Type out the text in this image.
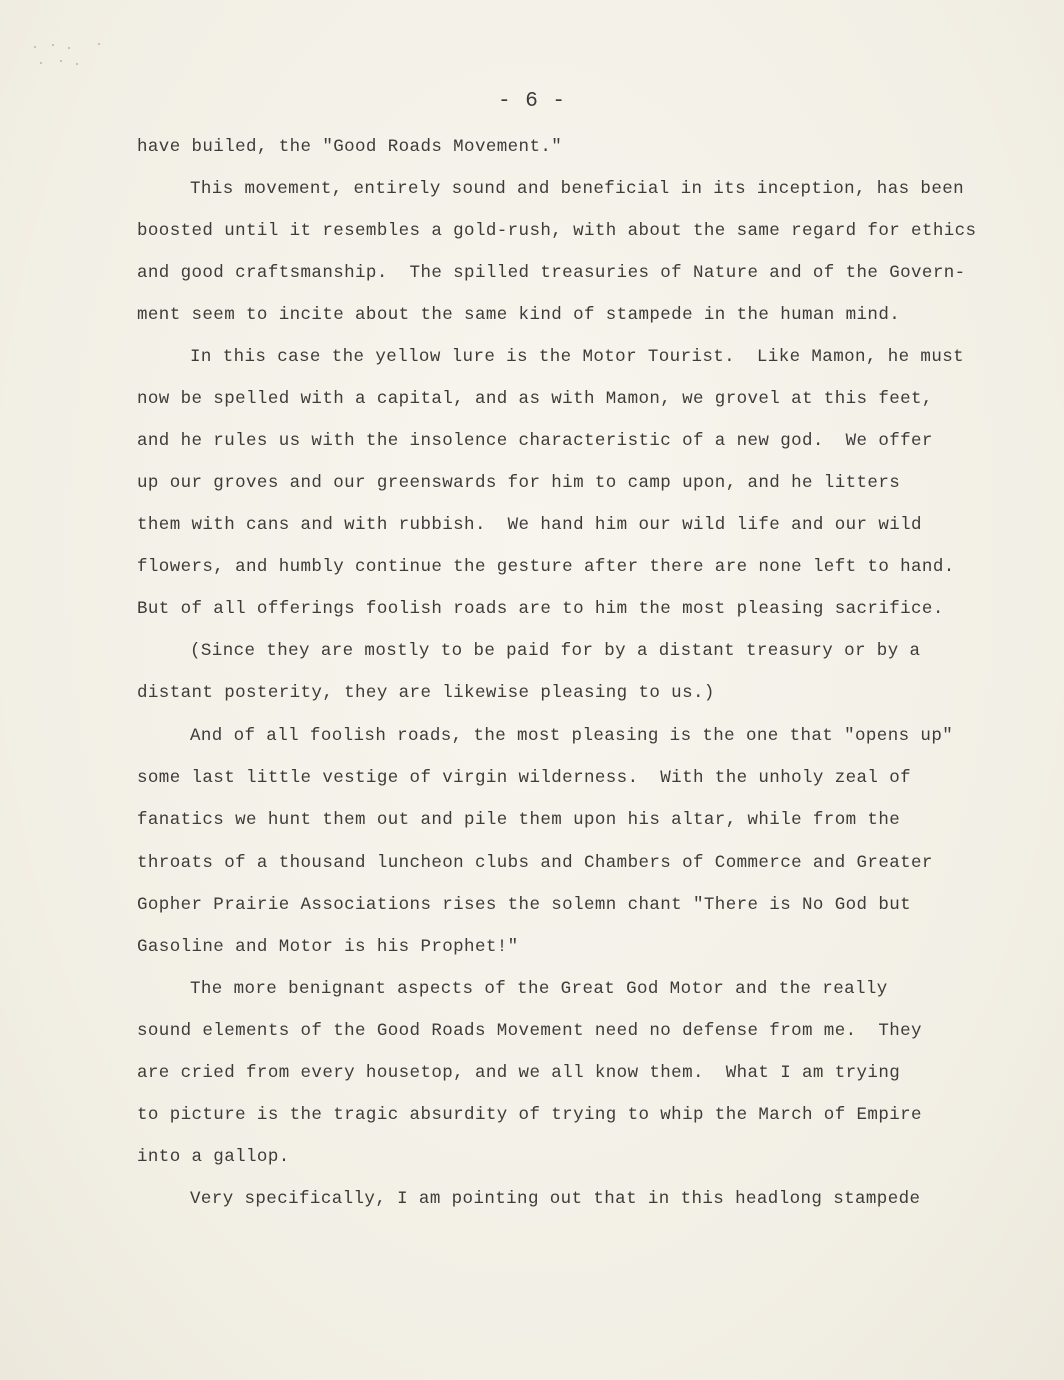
- 6 -
have builed, the "Good Roads Movement."
This movement, entirely sound and beneficial in its inception, has been
boosted until it resembles a gold-rush, with about the same regard for ethics
and good craftsmanship.  The spilled treasuries of Nature and of the Govern-
ment seem to incite about the same kind of stampede in the human mind.
In this case the yellow lure is the Motor Tourist.  Like Mamon, he must
now be spelled with a capital, and as with Mamon, we grovel at this feet,
and he rules us with the insolence characteristic of a new god.  We offer
up our groves and our greenswards for him to camp upon, and he litters
them with cans and with rubbish.  We hand him our wild life and our wild
flowers, and humbly continue the gesture after there are none left to hand.
But of all offerings foolish roads are to him the most pleasing sacrifice.
(Since they are mostly to be paid for by a distant treasury or by a
distant posterity, they are likewise pleasing to us.)
And of all foolish roads, the most pleasing is the one that "opens up"
some last little vestige of virgin wilderness.  With the unholy zeal of
fanatics we hunt them out and pile them upon his altar, while from the
throats of a thousand luncheon clubs and Chambers of Commerce and Greater
Gopher Prairie Associations rises the solemn chant "There is No God but
Gasoline and Motor is his Prophet!"
The more benignant aspects of the Great God Motor and the really
sound elements of the Good Roads Movement need no defense from me.  They
are cried from every housetop, and we all know them.  What I am trying
to picture is the tragic absurdity of trying to whip the March of Empire
into a gallop.
Very specifically, I am pointing out that in this headlong stampede
